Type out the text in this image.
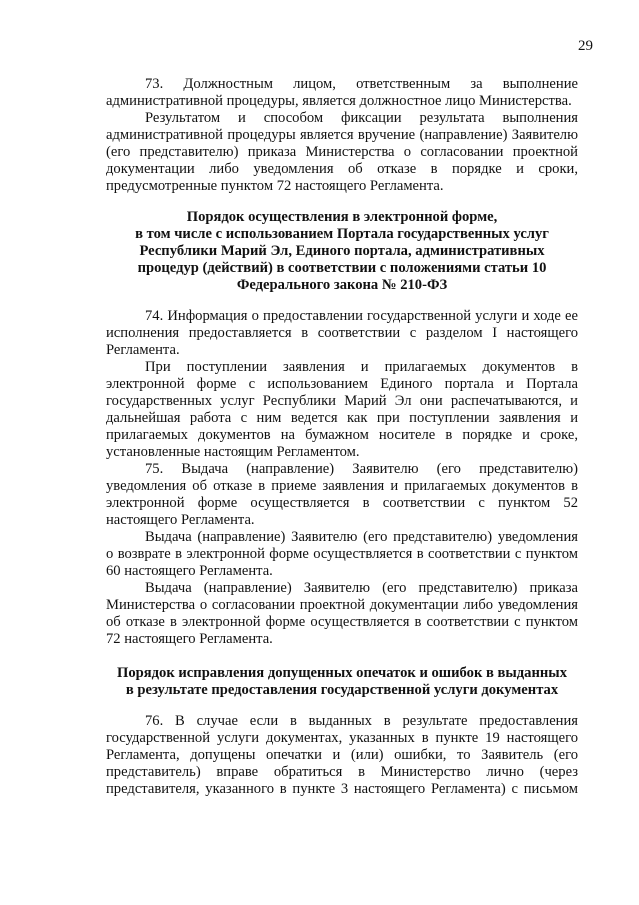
29

73. Должностным лицом, ответственным за выполнение административной процедуры, является должностное лицо Министерства.

Результатом и способом фиксации результата выполнения административной процедуры является вручение (направление) Заявителю (его представителю) приказа Министерства о согласовании проектной документации либо уведомления об отказе в порядке и сроки, предусмотренные пунктом 72 настоящего Регламента.

Порядок осуществления в электронной форме,
в том числе с использованием Портала государственных услуг
Республики Марий Эл, Единого портала, административных
процедур (действий) в соответствии с положениями статьи 10
Федерального закона № 210-ФЗ

74. Информация о предоставлении государственной услуги и ходе ее исполнения предоставляется в соответствии с разделом I настоящего Регламента.

При поступлении заявления и прилагаемых документов в электронной форме с использованием Единого портала и Портала государственных услуг Республики Марий Эл они распечатываются, и дальнейшая работа с ним ведется как при поступлении заявления и прилагаемых документов на бумажном носителе в порядке и сроке, установленные настоящим Регламентом.

75. Выдача (направление) Заявителю (его представителю) уведомления об отказе в приеме заявления и прилагаемых документов в электронной форме осуществляется в соответствии с пунктом 52 настоящего Регламента.

Выдача (направление) Заявителю (его представителю) уведомления о возврате в электронной форме осуществляется в соответствии с пунктом 60 настоящего Регламента.

Выдача (направление) Заявителю (его представителю) приказа Министерства о согласовании проектной документации либо уведомления об отказе в электронной форме осуществляется в соответствии с пунктом 72 настоящего Регламента.

Порядок исправления допущенных опечаток и ошибок в выданных
в результате предоставления государственной услуги документах

76. В случае если в выданных в результате предоставления государственной услуги документах, указанных в пункте 19 настоящего Регламента, допущены опечатки и (или) ошибки, то Заявитель (его представитель) вправе обратиться в Министерство лично (через представителя, указанного в пункте 3 настоящего Регламента) с письмом
